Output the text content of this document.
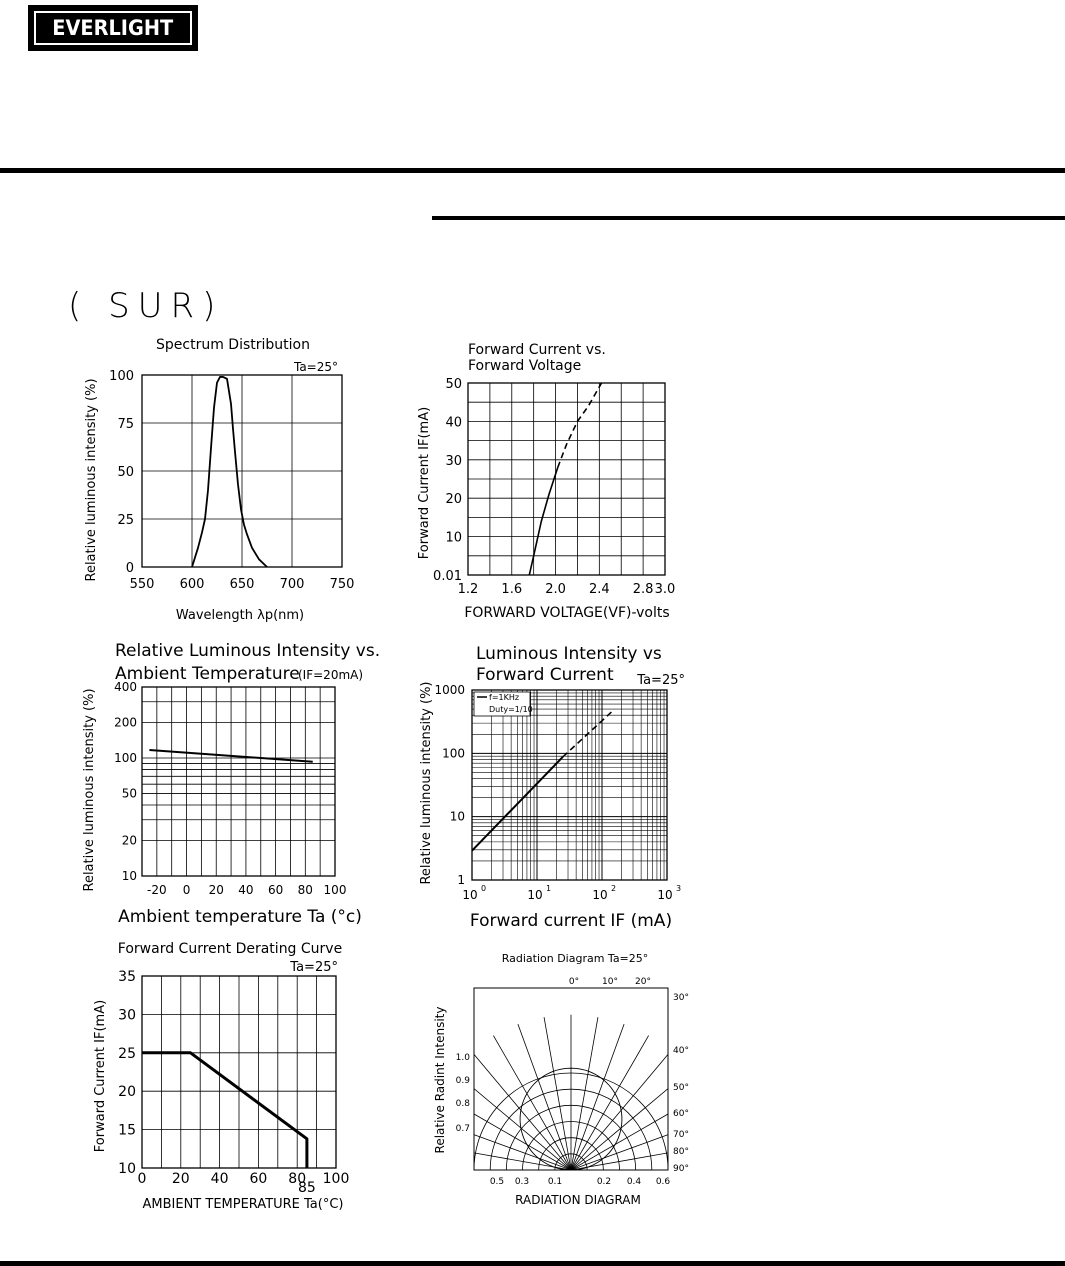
EVERLIGHT
( SUR)
Spectrum Distribution
Ta=25°
550 600 650 700 750
0
25
50
75
100
Wavelength λp(nm)
Relative luminous intensity (%)
Forward Current vs.
Forward Voltage
1.2 1.6 2.0 2.4 2.8 3.0
0.01
10
20
30
40
50
FORWARD VOLTAGE(VF)-volts
Forward Current IF(mA)
Relative Luminous Intensity vs.
Ambient Temperature
(IF=20mA)
-20 0 20 40 60 80 100
10
20
50
100
200
400
Ambient temperature Ta (°c)
Relative luminous intensity (%)
Luminous Intensity vs
Forward Current Ta=25°
f=1KHz
Duty=1/10
10 0	10 1	10 2	10 3
1
10
100
1000
Forward current IF (mA)
Relative luminous intensity (%)
Forward Current Derating Curve
Ta=25°
0 20 40 60 80 100
85
10
15
20
25
30
35
AMBIENT TEMPERATURE Ta(°C)
Forward Current IF(mA)
Radiation Diagram Ta=25°
0°	10° 20°
30°
40°
50°
60°
70°
80°
90°
1.0
0.9
0.8
0.7
0.5 0.3 0.1	0.2 0.4 0.6
RADIATION DIAGRAM
Relative Radint Intensity
